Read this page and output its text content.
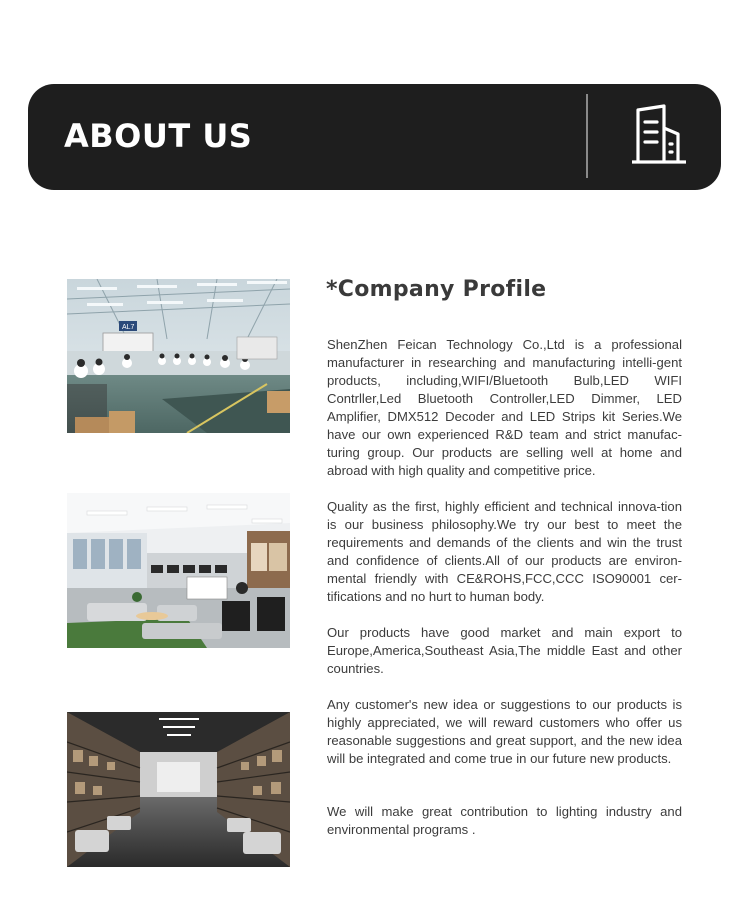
ABOUT US
AL7
*Company Profile
ShenZhen Feican Technology Co.,Ltd is a professional manufacturer in researching and manufacturing intelli-gent products, including,WIFI/Bluetooth Bulb,LED WIFI Contrller,Led Bluetooth Controller,LED Dimmer, LED Amplifier, DMX512 Decoder and LED Strips kit Series.We have our own experienced R&D team and strict manufac-turing group. Our products are selling well at home and abroad with high quality and competitive price.
Quality as the first, highly efficient and technical innova-tion is our business philosophy.We try our best to meet the requirements and demands of the clients and win the trust and confidence of clients.All of our products are environ-mental friendly with CE&ROHS,FCC,CCC ISO90001 cer-tifications and no hurt to human body.
Our products have good market and main export to Europe,America,Southeast Asia,The middle East and other countries.
Any customer's new idea or suggestions to our products is highly appreciated, we will reward customers who offer us reasonable suggestions and great support, and the new idea will be integrated and come true in our future new products.
We will make great contribution to lighting industry and environmental programs .
